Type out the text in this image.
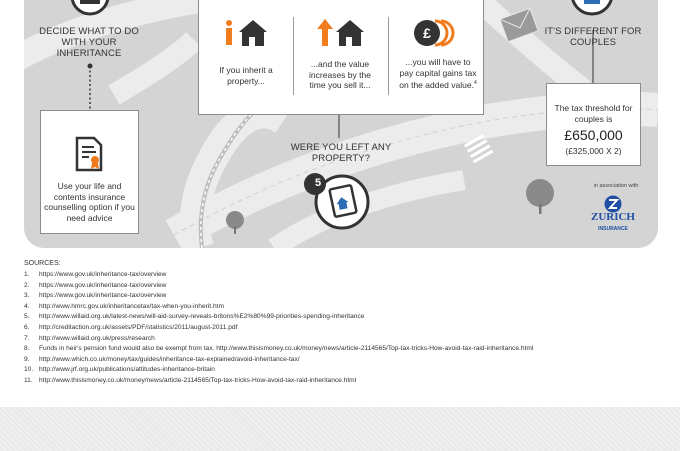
DECIDE WHAT TO DO WITH YOUR INHERITANCE
Use your life and contents insurance counselling option if you need advice
If you inherit a property...
...and the value increases by the time you sell it...
£
...you will have to pay capital gains tax on the added value.$^4$
WERE YOU LEFT ANY PROPERTY?
5
IT'S DIFFERENT FOR COUPLES
The tax threshold for couples is
£650,000
(£325,000 X 2)
in association with
ZURICH
INSURANCE
SOURCES:
1. https://www.gov.uk/inheritance-tax/overview
2. https://www.gov.uk/inheritance-tax/overview
3. https://www.gov.uk/inheritance-tax/overview
4. http://www.hmrc.gov.uk/inheritancetax/tax-when-you-inherit.htm
5. http://www.willaid.org.uk/latest-news/will-aid-survey-reveals-britons%E2%80%99-priorities-spending-inheritance
6. http://creditaction.org.uk/assets/PDF/statistics/2011/august-2011.pdf
7. http://www.willaid.org.uk/press/research
8. Funds in heir's pension fund would also be exempt from tax. http://www.thisismoney.co.uk/money/news/article-2114565/Top-tax-tricks-How-avoid-tax-raid-inheritance.html
9. http://www.which.co.uk/money/tax/guides/inheritance-tax-explained/avoid-inheritance-tax/
10. http://www.jrf.org.uk/publications/attitudes-inheritance-britain
11. http://www.thisismoney.co.uk/money/news/article-2114565/Top-tax-tricks-How-avoid-tax-raid-inheritance.html
